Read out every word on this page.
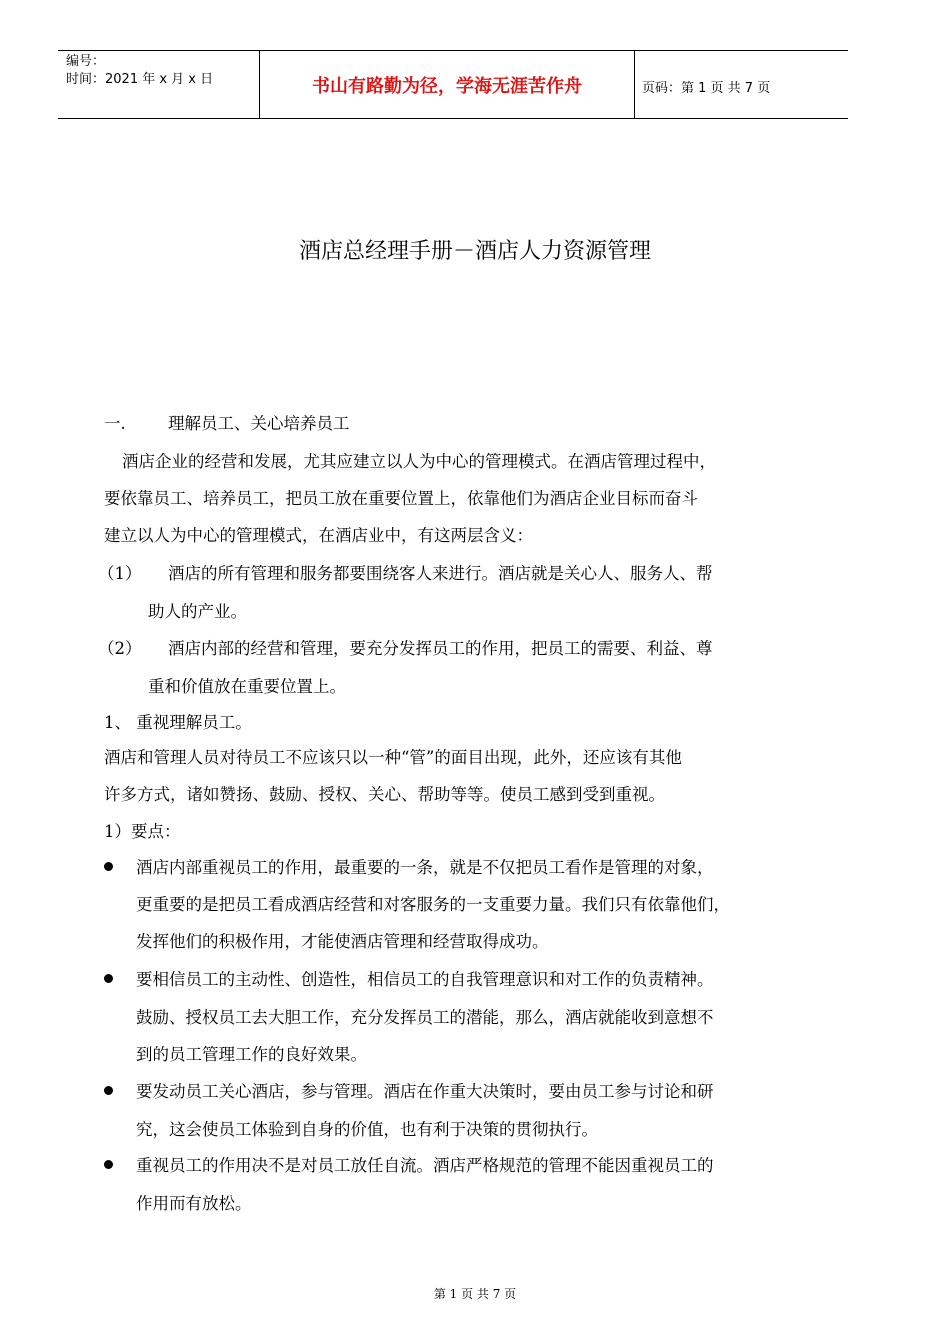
编号：
时间：2021 年 x 月 x 日	书山有路勤为径，学海无涯苦作舟	页码：第 1 页 共 7 页
酒店总经理手册－酒店人力资源管理
一.	理解员工、关心培养员工
酒店企业的经营和发展，尤其应建立以人为中心的管理模式。在酒店管理过程中，
要依靠员工、培养员工，把员工放在重要位置上，依靠他们为酒店企业目标而奋斗
建立以人为中心的管理模式，在酒店业中，有这两层含义：
（1） 酒店的所有管理和服务都要围绕客人来进行。酒店就是关心人、服务人、帮
助人的产业。
（2） 酒店内部的经营和管理，要充分发挥员工的作用，把员工的需要、利益、尊
重和价值放在重要位置上。
1、 重视理解员工。
酒店和管理人员对待员工不应该只以一种“管”的面目出现，此外，还应该有其他
许多方式，诸如赞扬、鼓励、授权、关心、帮助等等。使员工感到受到重视。
1）要点：
酒店内部重视员工的作用，最重要的一条，就是不仅把员工看作是管理的对象，
更重要的是把员工看成酒店经营和对客服务的一支重要力量。我们只有依靠他们，
发挥他们的积极作用，才能使酒店管理和经营取得成功。
要相信员工的主动性、创造性，相信员工的自我管理意识和对工作的负责精神。
鼓励、授权员工去大胆工作，充分发挥员工的潜能，那么，酒店就能收到意想不
到的员工管理工作的良好效果。
要发动员工关心酒店，参与管理。酒店在作重大决策时，要由员工参与讨论和研
究，这会使员工体验到自身的价值，也有利于决策的贯彻执行。
重视员工的作用决不是对员工放任自流。酒店严格规范的管理不能因重视员工的
作用而有放松。
第 1 页 共 7 页
